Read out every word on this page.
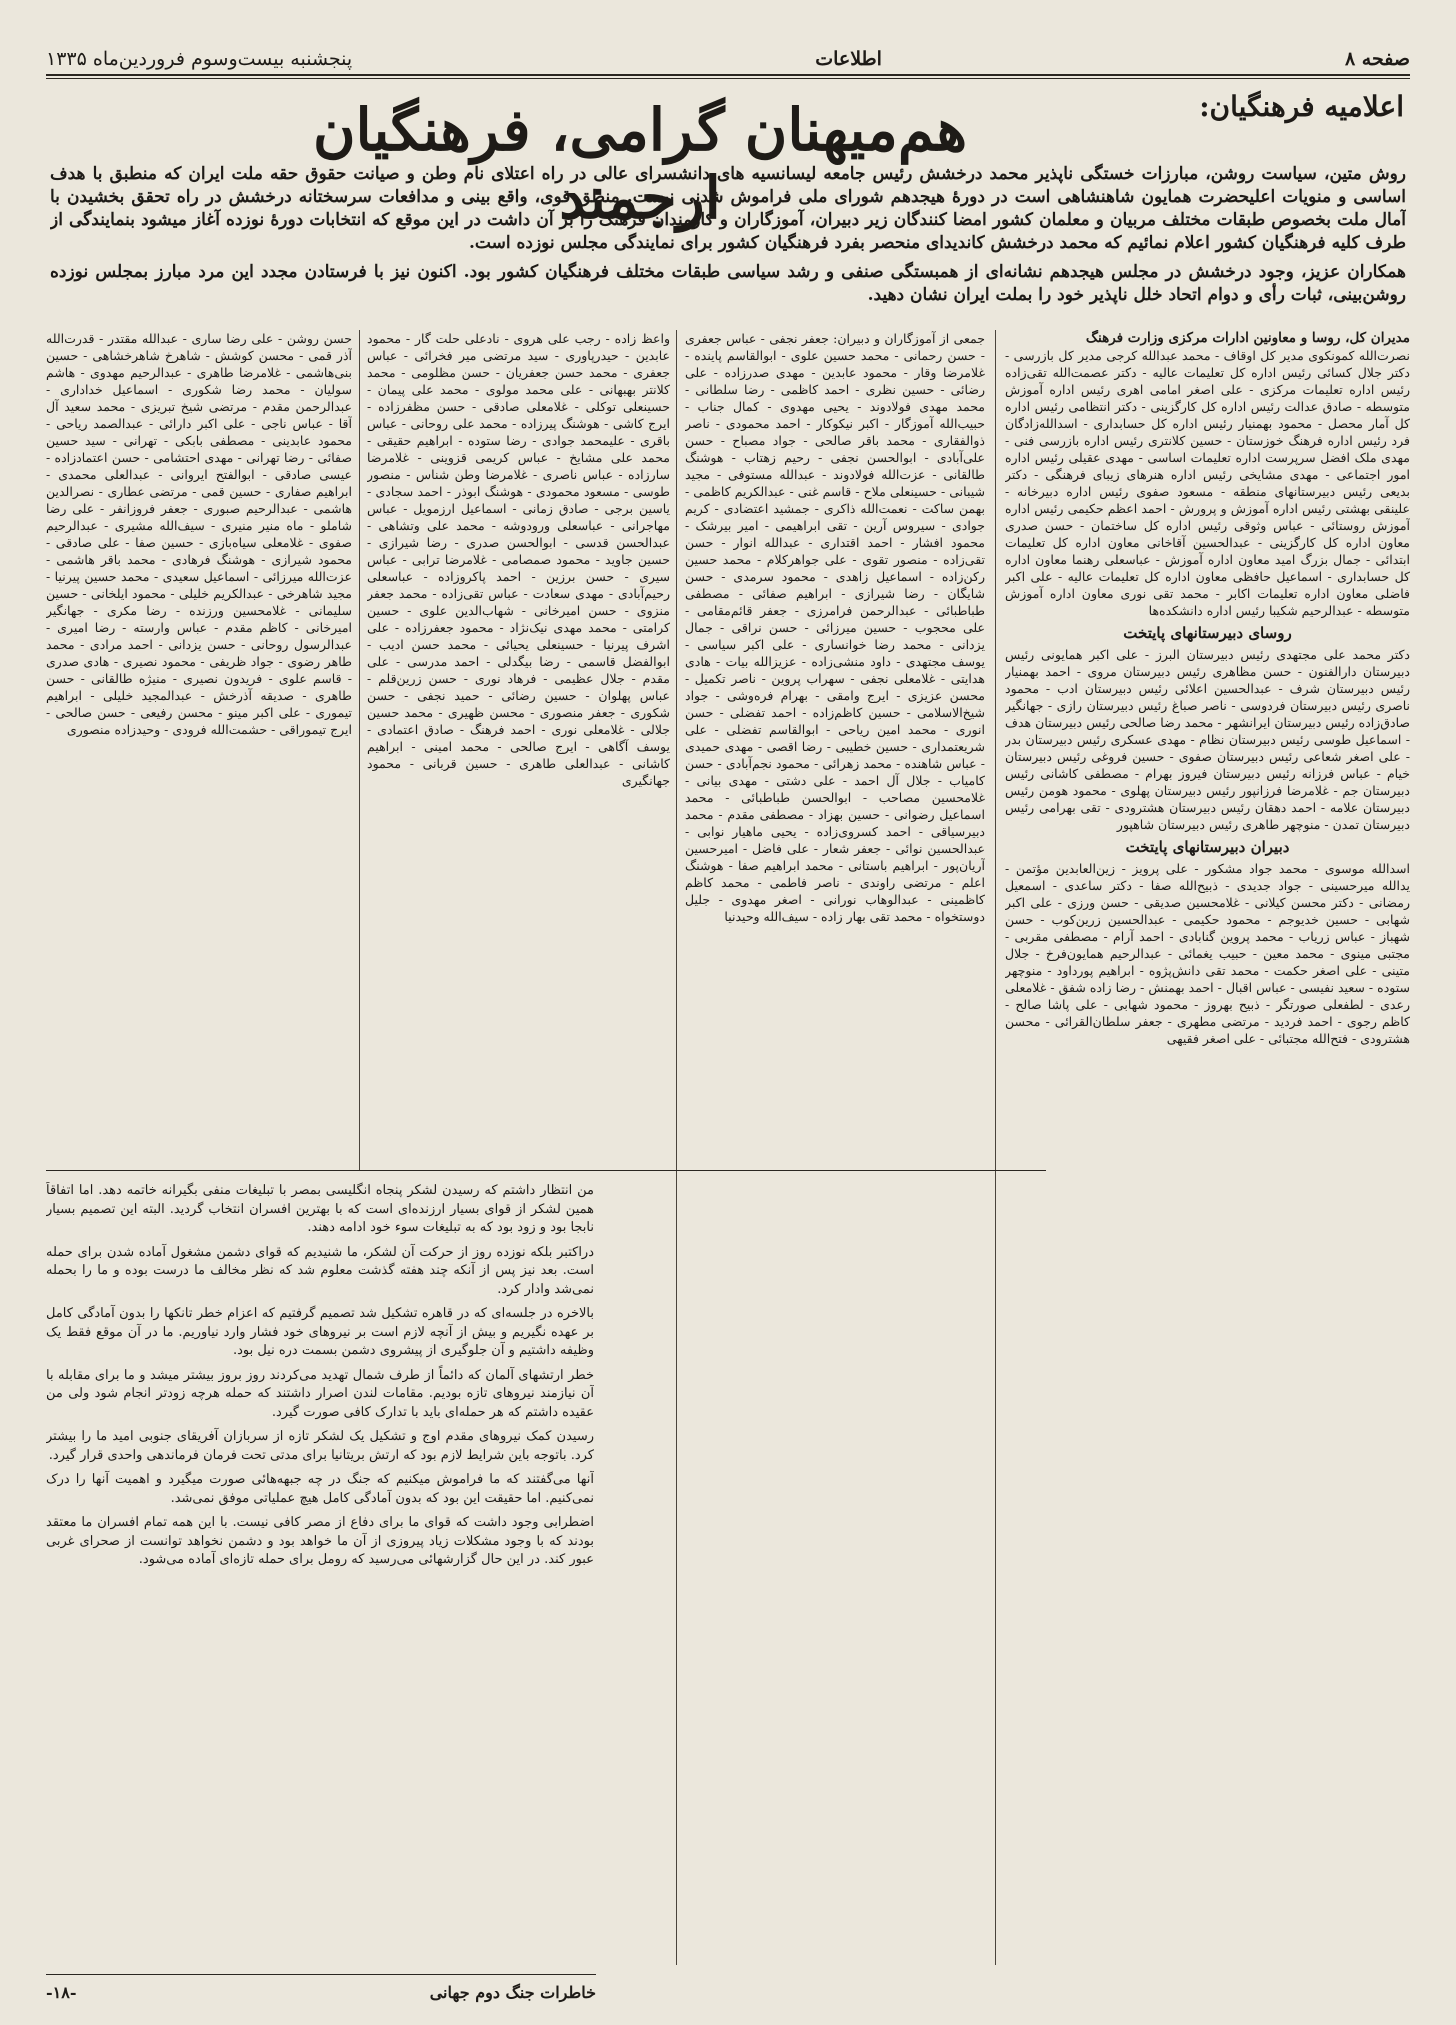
صفحه ۸
اطلاعات
پنجشنبه بیست‌وسوم فروردین‌ماه ۱۳۳۵
اعلامیه فرهنگیان:
هم‌میهنان گرامی، فرهنگیان ارجمند

روش متین، سیاست روشن، مبارزات خستگی ناپذیر محمد درخشش رئیس جامعه لیسانسیه های دانشسرای عالی در راه اعتلای نام وطن و صیانت حقوق حقه ملت ایران که منطبق با هدف اساسی و منویات اعلیحضرت همایون شاهنشاهی است در دورهٔ هیجدهم شورای ملی فراموش شدنی نیست. منطق قوی، واقع بینی و مدافعات سرسختانه درخشش در راه تحقق بخشیدن با آمال ملت بخصوص طبقات مختلف مربیان و معلمان کشور امضا کنندگان زیر دبیران، آموزگاران و کارمندان فرهنگ را بر آن داشت در این موقع که انتخابات دورهٔ نوزده آغاز میشود بنمایندگی از طرف کلیه فرهنگیان کشور اعلام نمائیم که محمد درخشش کاندیدای منحصر بفرد فرهنگیان کشور برای نمایندگی مجلس نوزده است.

همکاران عزیز، وجود درخشش در مجلس هیجدهم نشانه‌ای از همبستگی صنفی و رشد سیاسی طبقات مختلف فرهنگیان کشور بود. اکنون نیز با فرستادن مجدد این مرد مبارز بمجلس نوزده روشن‌بینی، ثبات رأی و دوام اتحاد خلل ناپذیر خود را بملت ایران نشان دهید.

مدیران کل، روسا و معاونین ادارات مرکزی وزارت فرهنگ

نصرت‌الله کمونکوی مدیر کل اوقاف - محمد عبدالله کرجی مدیر کل بازرسی - دکتر جلال کسائی رئیس اداره کل تعلیمات عالیه - دکتر عصمت‌الله تقی‌زاده رئیس اداره تعلیمات مرکزی - علی اصغر امامی اهری رئیس اداره آموزش متوسطه - صادق عدالت رئیس اداره کل کارگزینی - دکتر انتظامی رئیس اداره کل آمار محصل - محمود بهمنیار رئیس اداره کل حسابداری - اسدالله‌زادگان فرد رئیس اداره فرهنگ خوزستان - حسین کلانتری رئیس اداره بازرسی فنی - مهدی ملک افضل سرپرست اداره تعلیمات اساسی - مهدی عقیلی رئیس اداره امور اجتماعی - مهدی مشایخی رئیس اداره هنرهای زیبای فرهنگی - دکتر بدیعی رئیس دبیرستانهای منطقه - مسعود صفوی رئیس اداره دبیرخانه - علینقی بهشتی رئیس اداره آموزش و پرورش - احمد اعظم حکیمی رئیس اداره آموزش روستائی - عباس وثوقی رئیس اداره کل ساختمان - حسن صدری معاون اداره کل کارگزینی - عبدالحسین آقاخانی معاون اداره کل تعلیمات ابتدائی - جمال بزرگ امید معاون اداره آموزش - عباسعلی رهنما معاون اداره کل حسابداری - اسماعیل حافظی معاون اداره کل تعلیمات عالیه - علی اکبر فاضلی معاون اداره تعلیمات اکابر - محمد تقی نوری معاون اداره آموزش متوسطه - عبدالرحیم شکیبا رئیس اداره دانشکده‌ها

روسای دبیرستانهای پایتخت

دکتر محمد علی مجتهدی رئیس دبیرستان البرز - علی اکبر همایونی رئیس دبیرستان دارالفنون - حسن مظاهری رئیس دبیرستان مروی - احمد بهمنیار رئیس دبیرستان شرف - عبدالحسین اعلائی رئیس دبیرستان ادب - محمود ناصری رئیس دبیرستان فردوسی - ناصر صباغ رئیس دبیرستان رازی - جهانگیر صادق‌زاده رئیس دبیرستان ایرانشهر - محمد رضا صالحی رئیس دبیرستان هدف - اسماعیل طوسی رئیس دبیرستان نظام - مهدی عسکری رئیس دبیرستان بدر - علی اصغر شعاعی رئیس دبیرستان صفوی - حسین فروغی رئیس دبیرستان خیام - عباس فرزانه رئیس دبیرستان فیروز بهرام - مصطفی کاشانی رئیس دبیرستان جم - غلامرضا فرزانپور رئیس دبیرستان پهلوی - محمود هومن رئیس دبیرستان علامه - احمد دهقان رئیس دبیرستان هشترودی - تقی بهرامی رئیس دبیرستان تمدن - منوچهر طاهری رئیس دبیرستان شاهپور

دبیران دبیرستانهای پایتخت

اسدالله موسوی - محمد جواد مشکور - علی پرویز - زین‌العابدین مؤتمن - یدالله میرحسینی - جواد جدیدی - ذبیح‌الله صفا - دکتر ساعدی - اسمعیل رمضانی - دکتر محسن کیلانی - غلامحسین صدیقی - حسن ورزی - علی اکبر شهابی - حسین خدیوجم - محمود حکیمی - عبدالحسین زرین‌کوب - حسن شهباز - عباس زریاب - محمد پروین گنابادی - احمد آرام - مصطفی مقربی - مجتبی مینوی - محمد معین - حبیب یغمائی - عبدالرحیم همایون‌فرخ - جلال متینی - علی اصغر حکمت - محمد تقی دانش‌پژوه - ابراهیم پورداود - منوچهر ستوده - سعید نفیسی - عباس اقبال - احمد بهمنش - رضا زاده شفق - غلامعلی رعدی - لطفعلی صورتگر - ذبیح بهروز - محمود شهابی - علی پاشا صالح - کاظم رجوی - احمد فردید - مرتضی مطهری - جعفر سلطان‌القرائی - محسن هشترودی - فتح‌الله مجتبائی - علی اصغر فقیهی

جمعی از آموزگاران و دبیران: جعفر نجفی - عباس جعفری - حسن رحمانی - محمد حسین علوی - ابوالقاسم پاینده - غلامرضا وقار - محمود عابدین - مهدی صدرزاده - علی رضائی - حسین نظری - احمد کاظمی - رضا سلطانی - محمد مهدی فولادوند - یحیی مهدوی - کمال جناب - حبیب‌الله آموزگار - اکبر نیکوکار - احمد محمودی - ناصر ذوالفقاری - محمد باقر صالحی - جواد مصباح - حسن علی‌آبادی - ابوالحسن نجفی - رحیم زهتاب - هوشنگ طالقانی - عزت‌الله فولادوند - عبدالله مستوفی - مجید شیبانی - حسینعلی ملاح - قاسم غنی - عبدالکریم کاظمی - بهمن ساکت - نعمت‌الله ذاکری - جمشید اعتضادی - کریم جوادی - سیروس آرین - تقی ابراهیمی - امیر بیرشک - محمود افشار - احمد اقتداری - عبدالله انوار - حسن تقی‌زاده - منصور تقوی - علی جواهرکلام - محمد حسین رکن‌زاده - اسماعیل زاهدی - محمود سرمدی - حسن شایگان - رضا شیرازی - ابراهیم صفائی - مصطفی طباطبائی - عبدالرحمن فرامرزی - جعفر قائم‌مقامی - علی محجوب - حسین میرزائی - حسن نراقی - جمال یزدانی - محمد رضا خوانساری - علی اکبر سیاسی - یوسف مجتهدی - داود منشی‌زاده - عزیزالله بیات - هادی هدایتی - غلامعلی نجفی - سهراب پروین - ناصر تکمیل - محسن عزیزی - ایرج وامقی - بهرام فره‌وشی - جواد شیخ‌الاسلامی - حسین کاظم‌زاده - احمد تفضلی - حسن انوری - محمد امین ریاحی - ابوالقاسم تفضلی - علی شریعتمداری - حسین خطیبی - رضا اقصی - مهدی حمیدی - عباس شاهنده - محمد زهرائی - محمود نجم‌آبادی - حسن کامیاب - جلال آل احمد - علی دشتی - مهدی بیانی - غلامحسین مصاحب - ابوالحسن طباطبائی - محمد اسماعیل رضوانی - حسین بهزاد - مصطفی مقدم - محمد دبیرسیاقی - احمد کسروی‌زاده - یحیی ماهیار نوابی - عبدالحسین نوائی - جعفر شعار - علی فاضل - امیرحسین آریان‌پور - ابراهیم باستانی - محمد ابراهیم صفا - هوشنگ اعلم - مرتضی راوندی - ناصر فاطمی - محمد کاظم کاظمینی - عبدالوهاب نورانی - اصغر مهدوی - جلیل دوستخواه - محمد تقی بهار زاده - سیف‌الله وحیدنیا

واعظ زاده - رجب علی هروی - نادعلی حلت گار - محمود عابدین - حیدرپاوری - سید مرتضی میر فخرائی - عباس جعفری - محمد حسن جعفریان - حسن مظلومی - محمد کلانتر بهبهانی - علی محمد مولوی - محمد علی پیمان - حسینعلی توکلی - غلامعلی صادقی - حسن مظفرزاده - ایرج کاشی - هوشنگ پیرزاده - محمد علی روحانی - عباس باقری - علیمحمد جوادی - رضا ستوده - ابراهیم حقیقی - محمد علی مشایخ - عباس کریمی قزوینی - غلامرضا سارزاده - عباس ناصری - غلامرضا وطن شناس - منصور طوسی - مسعود محمودی - هوشنگ ابوذر - احمد سجادی - یاسین برجی - صادق زمانی - اسماعیل ارزمویل - عباس مهاجرانی - عباسعلی ورودوشه - محمد علی وتشاهی - عبدالحسن قدسی - ابوالحسن صدری - رضا شیرازی - حسین جاوید - محمود صمصامی - غلامرضا ترابی - عباس سیری - حسن برزین - احمد پاکروزاده - عباسعلی رحیم‌آبادی - مهدی سعادت - عباس تقی‌زاده - محمد جعفر منزوی - حسن امیرخانی - شهاب‌الدین علوی - حسین کرامتی - محمد مهدی نیک‌نژاد - محمود جعفرزاده - علی اشرف پیرنیا - حسینعلی یحیائی - محمد حسن ادیب - ابوالفضل قاسمی - رضا بیگدلی - احمد مدرسی - علی مقدم - جلال عظیمی - فرهاد نوری - حسن زرین‌قلم - عباس پهلوان - حسین رضائی - حمید نجفی - حسن شکوری - جعفر منصوری - محسن ظهیری - محمد حسین جلالی - غلامعلی نوری - احمد فرهنگ - صادق اعتمادی - یوسف آگاهی - ایرج صالحی - محمد امینی - ابراهیم کاشانی - عبدالعلی طاهری - حسین قربانی - محمود جهانگیری

حسن روشن - علی رضا ساری - عبدالله مقتدر - قدرت‌الله آذر قمی - محسن کوشش - شاهرخ شاهرخشاهی - حسین بنی‌هاشمی - غلامرضا طاهری - عبدالرحیم مهدوی - هاشم سولیان - محمد رضا شکوری - اسماعیل خداداری - عبدالرحمن مقدم - مرتضی شیخ تبریزی - محمد سعید آل آقا - عباس ناجی - علی اکبر دارائی - عبدالصمد ریاحی - محمود عابدینی - مصطفی بابکی - تهرانی - سید حسین صفائی - رضا تهرانی - مهدی احتشامی - حسن اعتمادزاده - عیسی صادقی - ابوالفتح ایروانی - عبدالعلی محمدی - ابراهیم صفاری - حسین قمی - مرتضی عطاری - نصرالدین هاشمی - عبدالرحیم صبوری - جعفر فروزانفر - علی رضا شاملو - ماه منیر منیری - سیف‌الله مشیری - عبدالرحیم صفوی - غلامعلی سیاه‌بازی - حسین صفا - علی صادقی - محمود شیرازی - هوشنگ فرهادی - محمد باقر هاشمی - عزت‌الله میرزائی - اسماعیل سعیدی - محمد حسین پیرنیا - مجید شاهرخی - عبدالکریم خلیلی - محمود ایلخانی - حسین سلیمانی - غلامحسین ورزنده - رضا مکری - جهانگیر امیرخانی - کاظم مقدم - عباس وارسته - رضا امیری - عبدالرسول روحانی - حسن یزدانی - احمد مرادی - محمد طاهر رضوی - جواد ظریفی - محمود نصیری - هادی صدری - قاسم علوی - فریدون نصیری - منیژه طالقانی - حسن طاهری - صدیقه آذرخش - عبدالمجید خلیلی - ابراهیم تیموری - علی اکبر مینو - محسن رفیعی - حسن صالحی - ایرج تیموراقی - حشمت‌الله فرودی - وحیدزاده منصوری

من انتظار داشتم که رسیدن لشکر پنجاه انگلیسی بمصر با تبلیغات منفی بگیرانه خاتمه دهد. اما اتفاقاً همین لشکر از قوای بسیار ارزنده‌ای است که با بهترین افسران انتخاب گردید. البته این تصمیم بسیار نابجا بود و زود بود که به تبلیغات سوء خود ادامه دهند.

دراکتبر بلکه نوزده روز از حرکت آن لشکر، ما شنیدیم که قوای دشمن مشغول آماده شدن برای حمله است. بعد نیز پس از آنکه چند هفته گذشت معلوم شد که نظر مخالف ما درست بوده و ما را بحمله نمی‌شد وادار کرد.

بالاخره در جلسه‌ای که در قاهره تشکیل شد تصمیم گرفتیم که اعزام خطر تانکها را بدون آمادگی کامل بر عهده نگیریم و بیش از آنچه لازم است بر نیروهای خود فشار وارد نیاوریم. ما در آن موقع فقط یک وظیفه داشتیم و آن جلوگیری از پیشروی دشمن بسمت دره نیل بود.

خطر ارتشهای آلمان که دائماً از طرف شمال تهدید می‌کردند روز بروز بیشتر میشد و ما برای مقابله با آن نیازمند نیروهای تازه بودیم. مقامات لندن اصرار داشتند که حمله هرچه زودتر انجام شود ولی من عقیده داشتم که هر حمله‌ای باید با تدارک کافی صورت گیرد.

رسیدن کمک نیروهای مقدم اوج و تشکیل یک لشکر تازه از سربازان آفریقای جنوبی امید ما را بیشتر کرد. باتوجه باین شرایط لازم بود که ارتش بریتانیا برای مدتی تحت فرمان فرماندهی واحدی قرار گیرد.

آنها می‌گفتند که ما فراموش میکنیم که جنگ در چه جبهه‌هائی صورت میگیرد و اهمیت آنها را درک نمی‌کنیم. اما حقیقت این بود که بدون آمادگی کامل هیچ عملیاتی موفق نمی‌شد.

اضطرابی وجود داشت که قوای ما برای دفاع از مصر کافی نیست. با این همه تمام افسران ما معتقد بودند که با وجود مشکلات زیاد پیروزی از آن ما خواهد بود و دشمن نخواهد توانست از صحرای غربی عبور کند. در این حال گزارشهائی می‌رسید که رومل برای حمله تازه‌ای آماده می‌شود.

خاطرات جنگ دوم جهانی
-۱۸-
